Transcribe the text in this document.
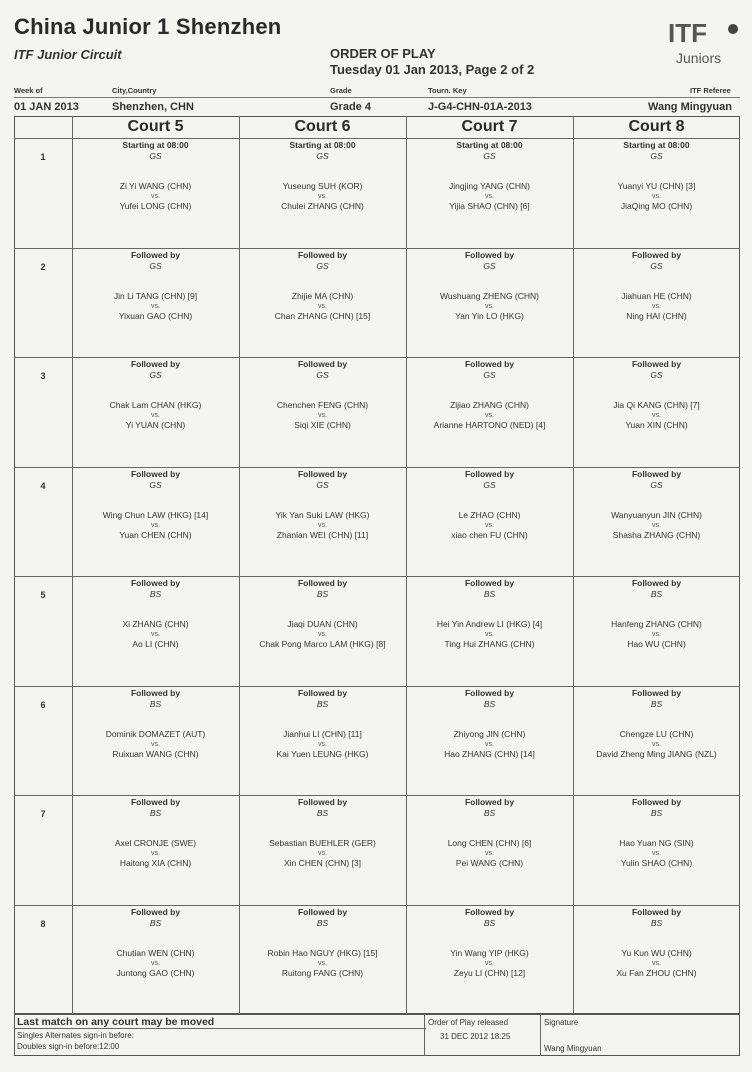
China Junior 1 Shenzhen
ITF Junior Circuit	ORDER OF PLAY
Tuesday 01 Jan 2013, Page 2 of 2
ITF
Juniors
Week of	City,Country	Grade	Tourn. Key	ITF Referee
01 JAN 2013	Shenzhen, CHN	Grade 4	J-G4-CHN-01A-2013	Wang Mingyuan
Court 5	Court 6	Court 7	Court 8
1
Starting at 08:00
GS
Zi Yi WANG (CHN)
vs.
Yufei LONG (CHN)
Starting at 08:00
GS
Yuseung SUH (KOR)
vs.
Chulei ZHANG (CHN)
Starting at 08:00
GS
Jingjing YANG (CHN)
vs.
Yijia SHAO (CHN) [6]
Starting at 08:00
GS
Yuanyi YU (CHN) [3]
vs.
JiaQing MO (CHN)
2
Followed by
GS
Jin Li TANG (CHN) [9]
vs.
Yixuan GAO (CHN)
Followed by
GS
Zhijie MA (CHN)
vs.
Chan ZHANG (CHN) [15]
Followed by
GS
Wushuang ZHENG (CHN)
vs.
Yan Yin LO (HKG)
Followed by
GS
Jiahuan HE (CHN)
vs.
Ning HAI (CHN)
3
Followed by
GS
Chak Lam CHAN (HKG)
vs.
Yi YUAN (CHN)
Followed by
GS
Chenchen FENG (CHN)
vs.
Siqi XIE (CHN)
Followed by
GS
Zijiao ZHANG (CHN)
vs.
Arianne HARTONO (NED) [4]
Followed by
GS
Jia Qi KANG (CHN) [7]
vs.
Yuan XIN (CHN)
4
Followed by
GS
Wing Chun LAW (HKG) [14]
vs.
Yuan CHEN (CHN)
Followed by
GS
Yik Yan Suki LAW (HKG)
vs.
Zhanlan WEI (CHN) [11]
Followed by
GS
Le ZHAO (CHN)
vs.
xiao chen FU (CHN)
Followed by
GS
Wanyuanyun JIN (CHN)
vs.
Shasha ZHANG (CHN)
5
Followed by
BS
Xi ZHANG (CHN)
vs.
Ao LI (CHN)
Followed by
BS
Jiaqi DUAN (CHN)
vs.
Chak Pong Marco LAM (HKG) [8]
Followed by
BS
Hei Yin Andrew LI (HKG) [4]
vs.
Ting Hui ZHANG (CHN)
Followed by
BS
Hanfeng ZHANG (CHN)
vs.
Hao WU (CHN)
6
Followed by
BS
Dominik DOMAZET (AUT)
vs.
Ruixuan WANG (CHN)
Followed by
BS
Jianhui LI (CHN) [11]
vs.
Kai Yuen LEUNG (HKG)
Followed by
BS
Zhiyong JIN (CHN)
vs.
Hao ZHANG (CHN) [14]
Followed by
BS
Chengze LU (CHN)
vs.
David Zheng Ming JIANG (NZL)
7
Followed by
BS
Axel CRONJE (SWE)
vs.
Haitong XIA (CHN)
Followed by
BS
Sebastian BUEHLER (GER)
vs.
Xin CHEN (CHN) [3]
Followed by
BS
Long CHEN (CHN) [6]
vs.
Pei WANG (CHN)
Followed by
BS
Hao Yuan NG (SIN)
vs.
Yulin SHAO (CHN)
8
Followed by
BS
Chutian WEN (CHN)
vs.
Juntong GAO (CHN)
Followed by
BS
Robin Hao NGUY (HKG) [15]
vs.
Ruitong FANG (CHN)
Followed by
BS
Yin Wang YIP (HKG)
vs.
Zeyu LI (CHN) [12]
Followed by
BS
Yu Kun WU (CHN)
vs.
Xu Fan ZHOU (CHN)
Last match on any court may be moved
Singles Alternates sign-in before:
Doubles sign-in before:12:00
Order of Play released
31 DEC 2012 18:25
Signature
Wang Mingyuan
